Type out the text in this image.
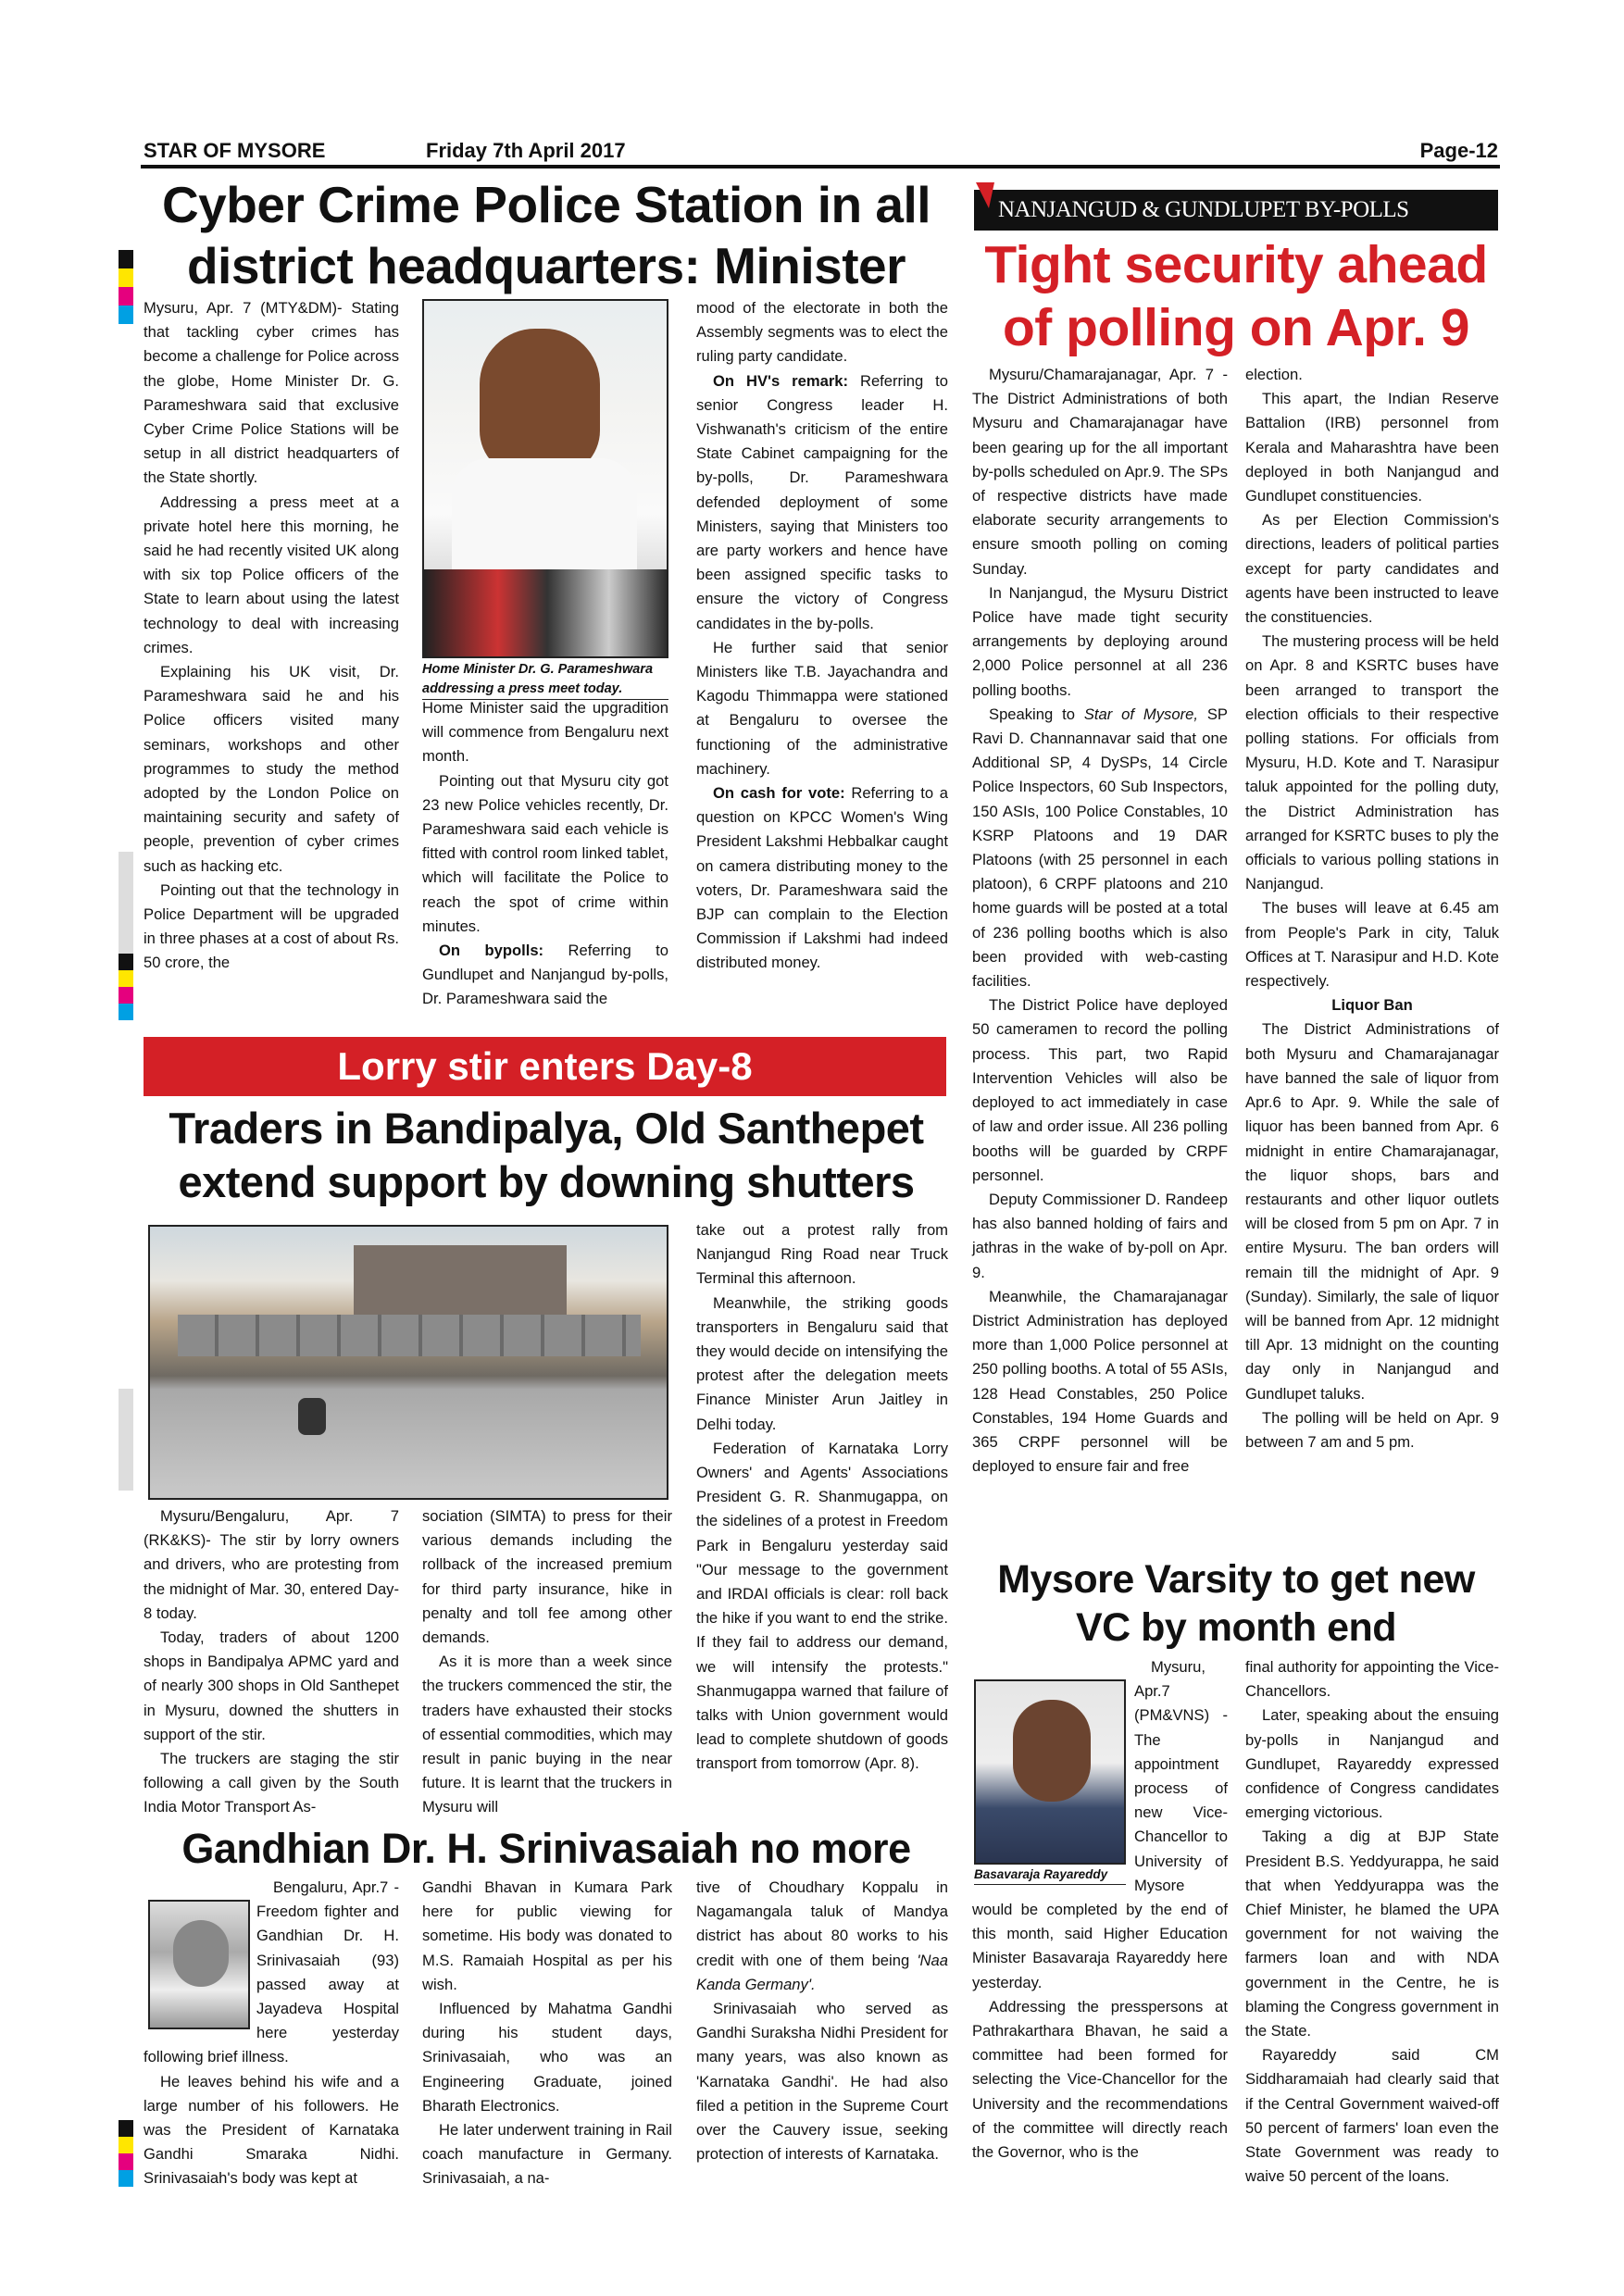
STAR OF MYSORE	Friday 7th April 2017	Page-12
Cyber Crime Police Station in all
district headquarters: Minister

Mysuru, Apr. 7 (MTY&DM)- Stating that tackling cyber crimes has become a challenge for Police across the globe, Home Minister Dr. G. Parameshwara said that exclusive Cyber Crime Police Stations will be setup in all district headquarters of the State shortly.

Addressing a press meet at a private hotel here this morning, he said he had recently visited UK along with six top Police officers of the State to learn about using the latest technology to deal with increasing crimes.

Explaining his UK visit, Dr. Parameshwara said he and his Police officers visited many seminars, workshops and other programmes to study the method adopted by the London Police on maintaining security and safety of people, prevention of cyber crimes such as hacking etc.

Pointing out that the technology in Police Department will be upgraded in three phases at a cost of about Rs. 50 crore, the

Home Minister Dr. G. Parameshwara
addressing a press meet today.

Home Minister said the upgradition will commence from Bengaluru next month.

Pointing out that Mysuru city got 23 new Police vehicles recently, Dr. Parameshwara said each vehicle is fitted with control room linked tablet, which will facilitate the Police to reach the spot of crime within minutes.

On bypolls: Referring to Gundlupet and Nanjangud by-polls, Dr. Parameshwara said the

mood of the electorate in both the Assembly segments was to elect the ruling party candidate.

On HV's remark: Referring to senior Congress leader H. Vishwanath's criticism of the entire State Cabinet campaigning for the by-polls, Dr. Parameshwara defended deployment of some Ministers, saying that Ministers too are party workers and hence have been assigned specific tasks to ensure the victory of Congress candidates in the by-polls.

He further said that senior Ministers like T.B. Jayachandra and Kagodu Thimmappa were stationed at Bengaluru to oversee the functioning of the administrative machinery.

On cash for vote: Referring to a question on KPCC Women's Wing President Lakshmi Hebbalkar caught on camera distributing money to the voters, Dr. Parameshwara said the BJP can complain to the Election Commission if Lakshmi had indeed distributed money.

NANJANGUD & GUNDLUPET BY-POLLS
Tight security ahead
of polling on Apr. 9

Mysuru/Chamarajanagar, Apr. 7 - The District Administrations of both Mysuru and Chamarajanagar have been gearing up for the all important by-polls scheduled on Apr.9. The SPs of respective districts have made elaborate security arrangements to ensure smooth polling on coming Sunday.

In Nanjangud, the Mysuru District Police have made tight security arrangements by deploying around 2,000 Police personnel at all 236 polling booths.

Speaking to Star of Mysore, SP Ravi D. Channannavar said that one Additional SP, 4 DySPs, 14 Circle Police Inspectors, 60 Sub Inspectors, 150 ASIs, 100 Police Constables, 10 KSRP Platoons and 19 DAR Platoons (with 25 personnel in each platoon), 6 CRPF platoons and 210 home guards will be posted at a total of 236 polling booths which is also been provided with web-casting facilities.

The District Police have deployed 50 cameramen to record the polling process. This part, two Rapid Intervention Vehicles will also be deployed to act immediately in case of law and order issue. All 236 polling booths will be guarded by CRPF personnel.

Deputy Commissioner D. Randeep has also banned holding of fairs and jathras in the wake of by-poll on Apr. 9.

Meanwhile, the Chamarajanagar District Administration has deployed more than 1,000 Police personnel at 250 polling booths. A total of 55 ASIs, 128 Head Constables, 250 Police Constables, 194 Home Guards and 365 CRPF personnel will be deployed to ensure fair and free

election.

This apart, the Indian Reserve Battalion (IRB) personnel from Kerala and Maharashtra have been deployed in both Nanjangud and Gundlupet constituencies.

As per Election Commission's directions, leaders of political parties except for party candidates and agents have been instructed to leave the constituencies.

The mustering process will be held on Apr. 8 and KSRTC buses have been arranged to transport the election officials to their respective polling stations. For officials from Mysuru, H.D. Kote and T. Narasipur taluk appointed for the polling duty, the District Administration has arranged for KSRTC buses to ply the officials to various polling stations in Nanjangud.

The buses will leave at 6.45 am from People's Park in city, Taluk Offices at T. Narasipur and H.D. Kote respectively.

Liquor Ban

The District Administrations of both Mysuru and Chamarajanagar have banned the sale of liquor from Apr.6 to Apr. 9. While the sale of liquor has been banned from Apr. 6 midnight in entire Chamarajanagar, the liquor shops, bars and restaurants and other liquor outlets will be closed from 5 pm on Apr. 7 in entire Mysuru. The ban orders will remain till the midnight of Apr. 9 (Sunday). Similarly, the sale of liquor will be banned from Apr. 12 midnight till Apr. 13 midnight on the counting day only in Nanjangud and Gundlupet taluks.

The polling will be held on Apr. 9 between 7 am and 5 pm.

Lorry stir enters Day-8
Traders in Bandipalya, Old Santhepet
extend support by downing shutters

Mysuru/Bengaluru, Apr. 7 (RK&KS)- The stir by lorry owners and drivers, who are protesting from the midnight of Mar. 30, entered Day-8 today.

Today, traders of about 1200 shops in Bandipalya APMC yard and of nearly 300 shops in Old Santhepet in Mysuru, downed the shutters in support of the stir.

The truckers are staging the stir following a call given by the South India Motor Transport As-

sociation (SIMTA) to press for their various demands including the rollback of the increased premium for third party insurance, hike in penalty and toll fee among other demands.

As it is more than a week since the truckers commenced the stir, the traders have exhausted their stocks of essential commodities, which may result in panic buying in the near future. It is learnt that the truckers in Mysuru will

take out a protest rally from Nanjangud Ring Road near Truck Terminal this afternoon.

Meanwhile, the striking goods transporters in Bengaluru said that they would decide on intensifying the protest after the delegation meets Finance Minister Arun Jaitley in Delhi today.

Federation of Karnataka Lorry Owners' and Agents' Associations President G. R. Shanmugappa, on the sidelines of a protest in Freedom Park in Bengaluru yesterday said "Our message to the government and IRDAI officials is clear: roll back the hike if you want to end the strike. If they fail to address our demand, we will intensify the protests." Shanmugappa warned that failure of talks with Union government would lead to complete shutdown of goods transport from tomorrow (Apr. 8).

Gandhian Dr. H. Srinivasaiah no more

Bengaluru, Apr.7 - Freedom fighter and Gandhian Dr. H. Srinivasaiah (93) passed away at Jayadeva Hospital here yesterday following brief illness.

He leaves behind his wife and a large number of his followers. He was the President of Karnataka Gandhi Smaraka Nidhi. Srinivasaiah's body was kept at

Gandhi Bhavan in Kumara Park here for public viewing for sometime. His body was donated to M.S. Ramaiah Hospital as per his wish.

Influenced by Mahatma Gandhi during his student days, Srinivasaiah, who was an Engineering Graduate, joined Bharath Electronics.

He later underwent training in Rail coach manufacture in Germany. Srinivasaiah, a na-

tive of Choudhary Koppalu in Nagamangala taluk of Mandya district has about 80 works to his credit with one of them being 'Naa Kanda Germany'.

Srinivasaiah who served as Gandhi Suraksha Nidhi President for many years, was also known as 'Karnataka Gandhi'. He had also filed a petition in the Supreme Court over the Cauvery issue, seeking protection of interests of Karnataka.

Mysore Varsity to get new
VC by month end
Basavaraja Rayareddy

Mysuru, Apr.7 (PM&VNS) -The appointment process of new Vice-Chancellor to University of Mysore would be completed by the end of this month, said Higher Education Minister Basavaraja Rayareddy here yesterday.

Addressing the presspersons at Pathrakarthara Bhavan, he said a committee had been formed for selecting the Vice-Chancellor for the University and the recommendations of the committee will directly reach the Governor, who is the

final authority for appointing the Vice-Chancellors.

Later, speaking about the ensuing by-polls in Nanjangud and Gundlupet, Rayareddy expressed confidence of Congress candidates emerging victorious.

Taking a dig at BJP State President B.S. Yeddyurappa, he said that when Yeddyurappa was the Chief Minister, he blamed the UPA government for not waiving the farmers loan and with NDA government in the Centre, he is blaming the Congress government in the State.

Rayareddy said CM Siddharamaiah had clearly said that if the Central Government waived-off 50 percent of farmers' loan even the State Government was ready to waive 50 percent of the loans.
